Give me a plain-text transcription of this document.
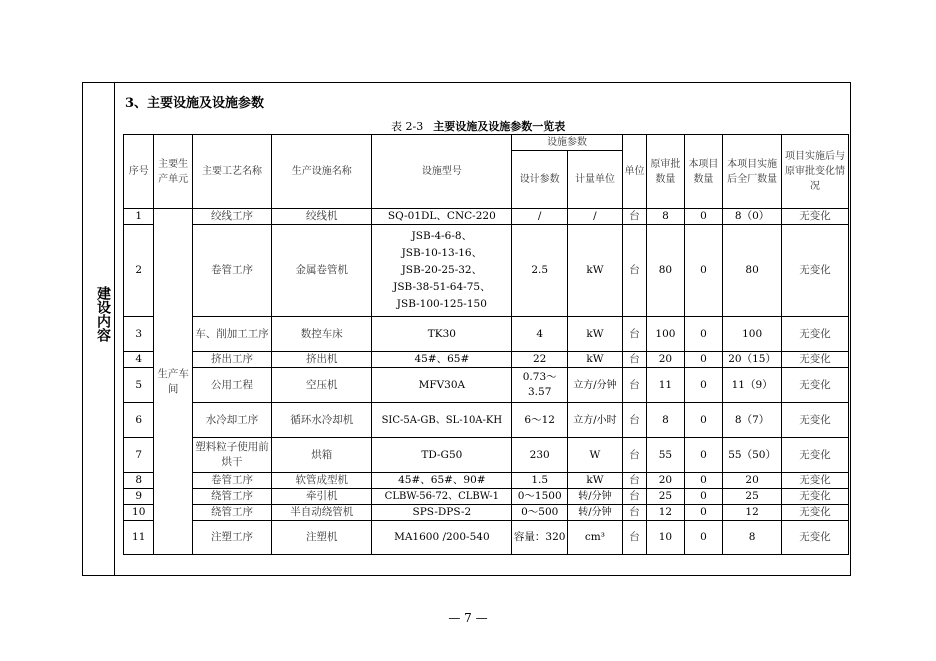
建设内容
3、主要设施及设施参数
表 2-3 主要设施及设施参数一览表
序号	主要生产单元	主要工艺名称	生产设施名称	设施型号	设施参数		单位	原审批数量	本项目数量	本项目实施后全厂数量	项目实施后与原审批变化情况
					设计参数	计量单位					
1	生产车间	绞线工序	绞线机	SQ-01DL、CNC-220	/	/	台	8	0	8（0）	无变化
2		卷管工序	金属卷管机	JSB-4-6-8、
JSB-10-13-16、
JSB-20-25-32、
JSB-38-51-64-75、
JSB-100-125-150	2.5	kW	台	80	0	80	无变化
3		车、削加工工序	数控车床	TK30	4	kW	台	100	0	100	无变化
4		挤出工序	挤出机	45#、65#	22	kW	台	20	0	20（15）	无变化
5		公用工程	空压机	MFV30A	0.73～3.57	立方/分钟	台	11	0	11（9）	无变化
6		水冷却工序	循环水冷却机	SIC-5A-GB、SL-10A-KH	6～12	立方/小时	台	8	0	8（7）	无变化
7		塑料粒子使用前烘干	烘箱	TD-G50	230	W	台	55	0	55（50）	无变化
8		卷管工序	软管成型机	45#、65#、90#	1.5	kW	台	20	0	20	无变化
9		绕管工序	牵引机	CLBW-56-72、CLBW-1	0～1500	转/分钟	台	25	0	25	无变化
10		绕管工序	半自动绕管机	SPS-DPS-2	0～500	转/分钟	台	12	0	12	无变化
11		注塑工序	注塑机	MA1600 /200-540	容量：320	cm³	台	10	0	8	无变化
— 7 —
